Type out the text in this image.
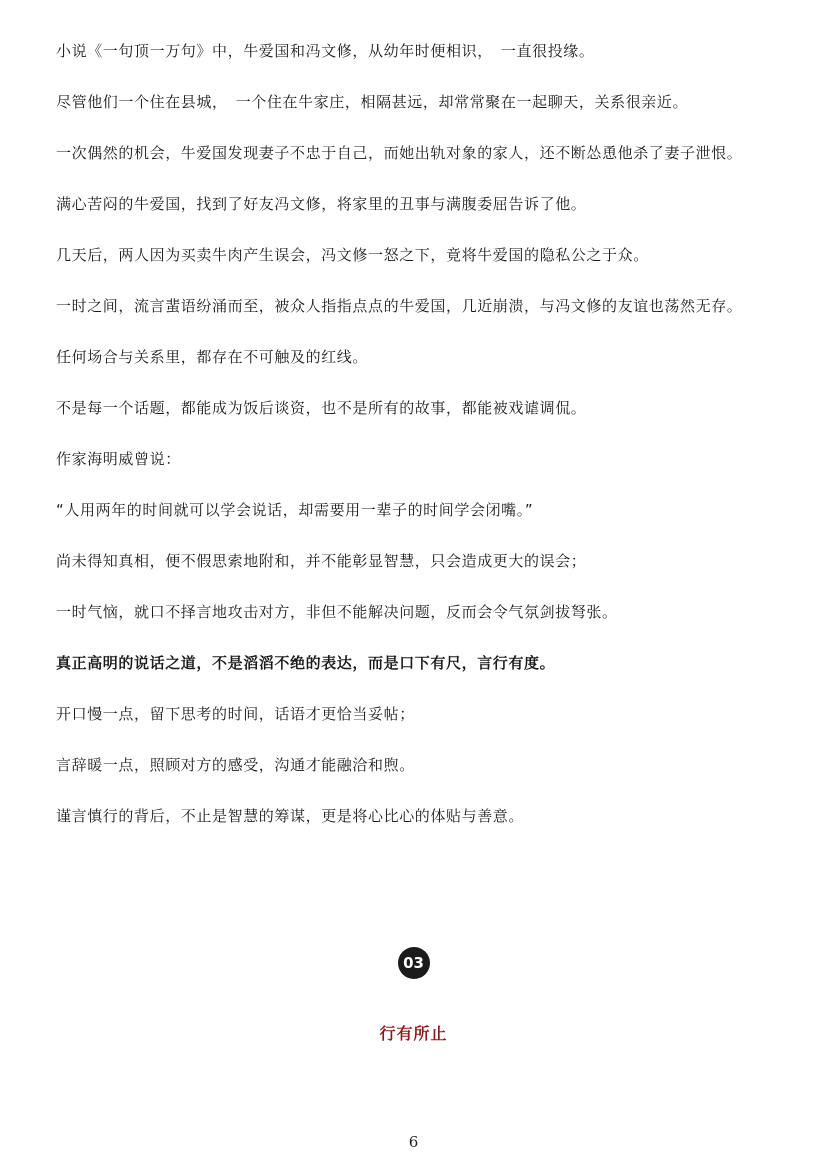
小说《一句顶一万句》中，牛爱国和冯文修，从幼年时便相识，　一直很投缘。

尽管他们一个住在县城，　一个住在牛家庄，相隔甚远，却常常聚在一起聊天，关系很亲近。

一次偶然的机会，牛爱国发现妻子不忠于自己，而她出轨对象的家人，还不断怂恿他杀了妻子泄恨。

满心苦闷的牛爱国，找到了好友冯文修，将家里的丑事与满腹委屈告诉了他。

几天后，两人因为买卖牛肉产生误会，冯文修一怒之下，竟将牛爱国的隐私公之于众。

一时之间，流言蜚语纷涌而至，被众人指指点点的牛爱国，几近崩溃，与冯文修的友谊也荡然无存。

任何场合与关系里，都存在不可触及的红线。

不是每一个话题，都能成为饭后谈资，也不是所有的故事，都能被戏谑调侃。

作家海明威曾说：

“人用两年的时间就可以学会说话，却需要用一辈子的时间学会闭嘴。”

尚未得知真相，便不假思索地附和，并不能彰显智慧，只会造成更大的误会；

一时气恼，就口不择言地攻击对方，非但不能解决问题，反而会令气氛剑拔弩张。

真正高明的说话之道，不是滔滔不绝的表达，而是口下有尺，言行有度。

开口慢一点，留下思考的时间，话语才更恰当妥帖；

言辞暖一点，照顾对方的感受，沟通才能融洽和煦。

谨言慎行的背后，不止是智慧的筹谋，更是将心比心的体贴与善意。

03
行有所止
6
